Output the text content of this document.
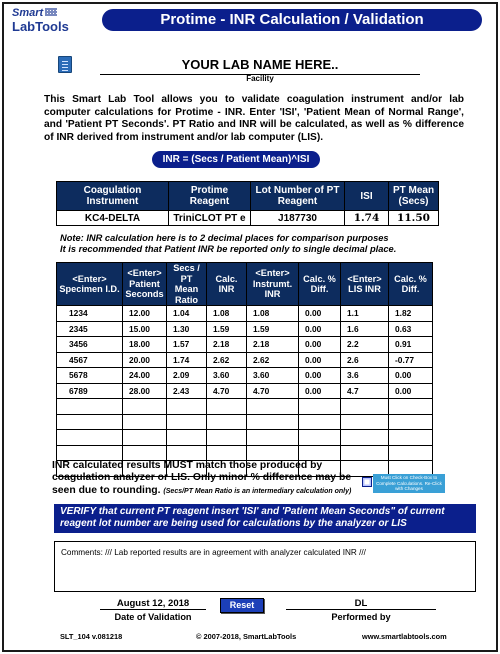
Smart
LabTools	Protime - INR Calculation / Validation
YOUR LAB NAME HERE..
Facility
This Smart Lab Tool allows you to validate coagulation instrument and/or lab computer calculations for Protime - INR. Enter 'ISI', 'Patient Mean of Normal Range', and 'Patient PT Seconds'. PT Ratio and INR will be calculated, as well as % difference of INR derived from instrument and/or lab computer (LIS).
INR = (Secs / Patient Mean)^ISI
Coagulation Instrument	Protime Reagent	Lot Number of PT Reagent	ISI	PT Mean (Secs)
KC4-DELTA	TriniCLOT PT e	J187730	1.74	11.50
Note: INR calculation here is to 2 decimal places for comparison purposes
It is recommended that Patient INR be reported only to single decimal place.
<Enter> Specimen I.D.	<Enter> Patient Seconds	Secs / PT Mean Ratio	Calc. INR	<Enter> Instrumt. INR	Calc. % Diff.	<Enter> LIS INR	Calc. % Diff.
1234	12.00	1.04	1.08	1.08	0.00	1.1	1.82
2345	15.00	1.30	1.59	1.59	0.00	1.6	0.63
3456	18.00	1.57	2.18	2.18	0.00	2.2	0.91
4567	20.00	1.74	2.62	2.62	0.00	2.6	-0.77
5678	24.00	2.09	3.60	3.60	0.00	3.6	0.00
6789	28.00	2.43	4.70	4.70	0.00	4.7	0.00

INR calculated results MUST match those produced by coagulation analyzer or LIS. Only minor % difference may be seen due to rounding. (Secs/PT Mean Ratio is an intermediary calculation only)
Must Click on Check-Box to Complete Calculations. Re-Click with Changes
VERIFY that current PT reagent insert 'ISI' and 'Patient Mean Seconds" of current reagent lot number are being used for calculations by the analyzer or LIS
Comments: /// Lab reported results are in agreement with analyzer calculated INR ///
August 12, 2018
Date of Validation
Reset	DL
Performed by
SLT_104 v.081218	© 2007-2018, SmartLabTools	www.smartlabtools.com
